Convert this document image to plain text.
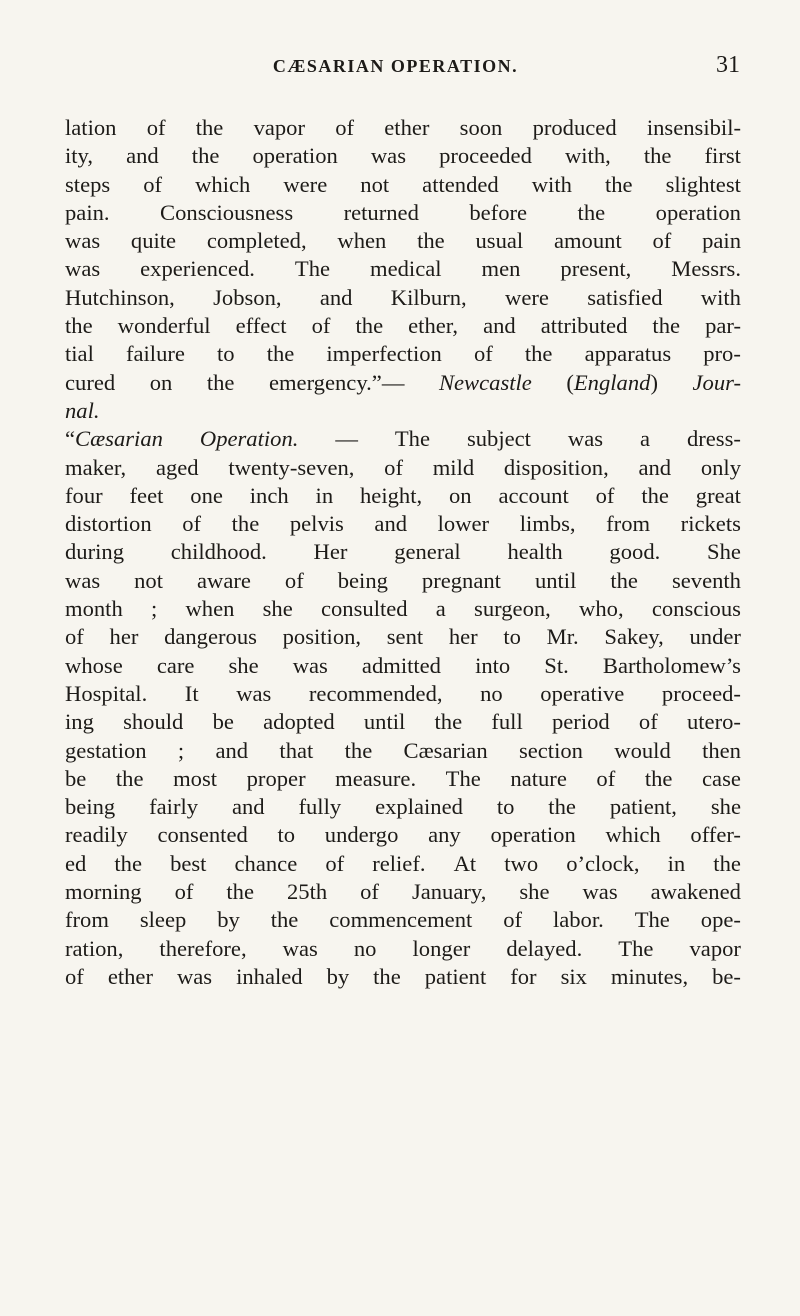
CÆSARIAN OPERATION.	31
lation of the vapor of ether soon produced insensibil-
ity, and the operation was proceeded with, the first
steps of which were not attended with the slightest
pain. Consciousness returned before the operation
was quite completed, when the usual amount of pain
was experienced. The medical men present, Messrs.
Hutchinson, Jobson, and Kilburn, were satisfied with
the wonderful effect of the ether, and attributed the par-
tial failure to the imperfection of the apparatus pro-
cured on the emergency.”— Newcastle (England) Jour-
nal.
“Cæsarian Operation. — The subject was a dress-
maker, aged twenty-seven, of mild disposition, and only
four feet one inch in height, on account of the great
distortion of the pelvis and lower limbs, from rickets
during childhood. Her general health good. She
was not aware of being pregnant until the seventh
month ; when she consulted a surgeon, who, conscious
of her dangerous position, sent her to Mr. Sakey, under
whose care she was admitted into St. Bartholomew’s
Hospital. It was recommended, no operative proceed-
ing should be adopted until the full period of utero-
gestation ; and that the Cæsarian section would then
be the most proper measure. The nature of the case
being fairly and fully explained to the patient, she
readily consented to undergo any operation which offer-
ed the best chance of relief. At two o’clock, in the
morning of the 25th of January, she was awakened
from sleep by the commencement of labor. The ope-
ration, therefore, was no longer delayed. The vapor
of ether was inhaled by the patient for six minutes, be-
